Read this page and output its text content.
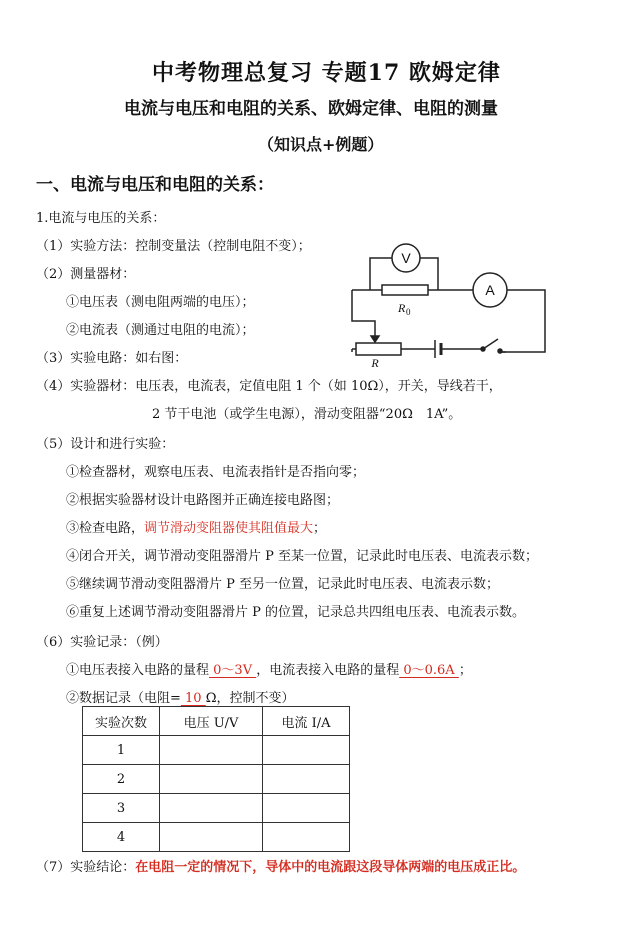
中考物理总复习 专题17 欧姆定律
电流与电压和电阻的关系、欧姆定律、电阻的测量
（知识点+例题）
一、电流与电压和电阻的关系：
1.电流与电压的关系：
（1）实验方法：控制变量法（控制电阻不变）；
（2）测量器材：
①电压表（测电阻两端的电压）；
②电流表（测通过电阻的电流）；
（3）实验电路：如右图：
（4）实验器材：电压表，电流表，定值电阻 1 个（如 10Ω），开关，导线若干，
2 节干电池（或学生电源），滑动变阻器“20Ω　1A”。
（5）设计和进行实验：
①检查器材，观察电压表、电流表指针是否指向零；
②根据实验器材设计电路图并正确连接电路图；
③检查电路，调节滑动变阻器使其阻值最大；
④闭合开关，调节滑动变阻器滑片 P 至某一位置，记录此时电压表、电流表示数；
⑤继续调节滑动变阻器滑片 P 至另一位置，记录此时电压表、电流表示数；
⑥重复上述调节滑动变阻器滑片 P 的位置，记录总共四组电压表、电流表示数。
（6）实验记录：（例）
①电压表接入电路的量程 0～3V ，电流表接入电路的量程 0～0.6A ；
②数据记录（电阻= 10 Ω，控制不变）
实验次数	电压 U/V	电流 I/A
1		
2		
3		
4		
（7）实验结论：在电阻一定的情况下，导体中的电流跟这段导体两端的电压成正比。
V
A
R 0
R
